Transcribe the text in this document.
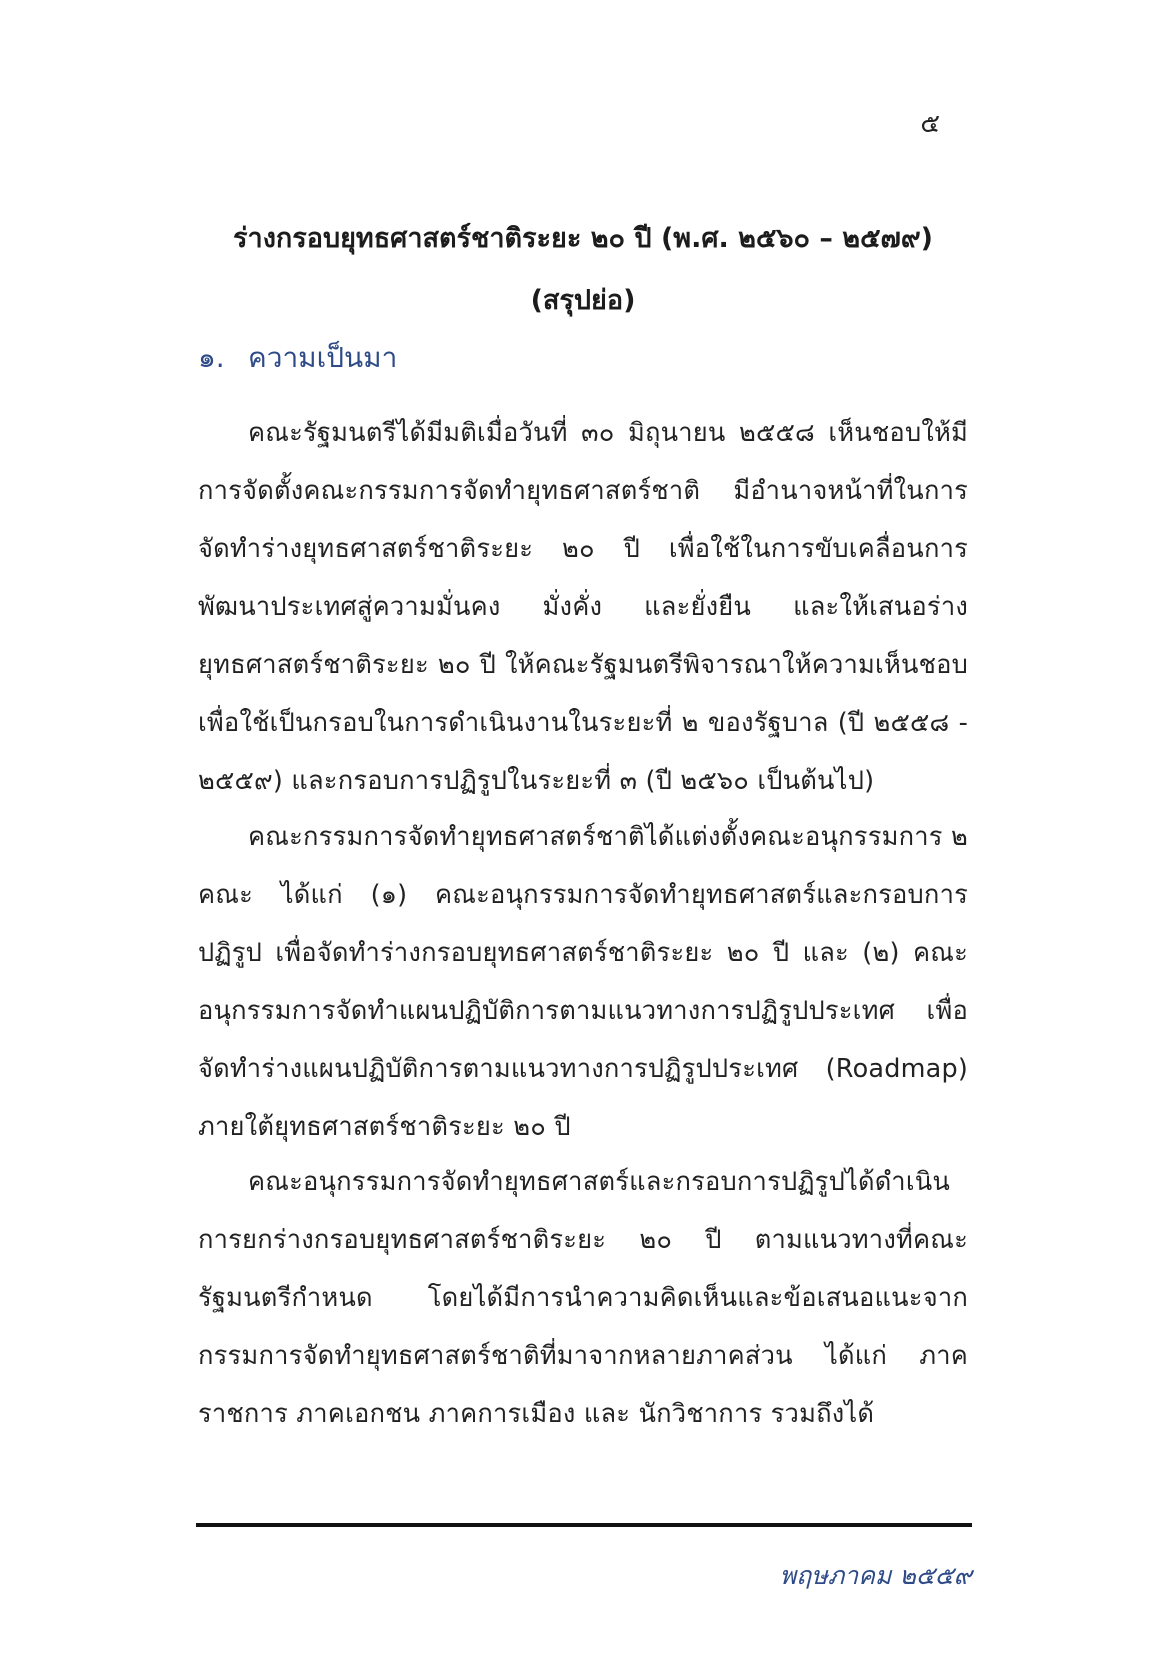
๕
ร่างกรอบยุทธศาสตร์ชาติระยะ ๒๐ ปี (พ.ศ. ๒๕๖๐ – ๒๕๗๙)
(สรุปย่อ)
๑. ความเป็นมา

คณะรัฐมนตรีได้มีมติเมื่อวันที่ ๓๐ มิถุนายน ๒๕๕๘ เห็นชอบให้มีการจัดตั้งคณะกรรมการจัดทำยุทธศาสตร์ชาติ มีอำนาจหน้าที่ในการจัดทำร่างยุทธศาสตร์ชาติระยะ ๒๐ ปี เพื่อใช้ในการขับเคลื่อนการพัฒนาประเทศสู่ความมั่นคง มั่งคั่ง และยั่งยืน และให้เสนอร่างยุทธศาสตร์ชาติระยะ ๒๐ ปี ให้คณะรัฐมนตรีพิจารณาให้ความเห็นชอบเพื่อใช้เป็นกรอบในการดำเนินงานในระยะที่ ๒ ของรัฐบาล (ปี ๒๕๕๘ - ๒๕๕๙) และกรอบการปฏิรูปในระยะที่ ๓ (ปี ๒๕๖๐ เป็นต้นไป)

คณะกรรมการจัดทำยุทธศาสตร์ชาติได้แต่งตั้งคณะอนุกรรมการ ๒ คณะ ได้แก่ (๑) คณะอนุกรรมการจัดทำยุทธศาสตร์และกรอบการปฏิรูป เพื่อจัดทำร่างกรอบยุทธศาสตร์ชาติระยะ ๒๐ ปี และ (๒) คณะอนุกรรมการจัดทำแผนปฏิบัติการตามแนวทางการปฏิรูปประเทศ เพื่อจัดทำร่างแผนปฏิบัติการตามแนวทางการปฏิรูปประเทศ (Roadmap) ภายใต้ยุทธศาสตร์ชาติระยะ ๒๐ ปี

คณะอนุกรรมการจัดทำยุทธศาสตร์และกรอบการปฏิรูปได้ดำเนินการยกร่างกรอบยุทธศาสตร์ชาติระยะ ๒๐ ปี ตามแนวทางที่คณะรัฐมนตรีกำหนด โดยได้มีการนำความคิดเห็นและข้อเสนอแนะจากกรรมการจัดทำยุทธศาสตร์ชาติที่มาจากหลายภาคส่วน ได้แก่ ภาคราชการ ภาคเอกชน ภาคการเมือง และ นักวิชาการ รวมถึงได้

พฤษภาคม ๒๕๕๙
